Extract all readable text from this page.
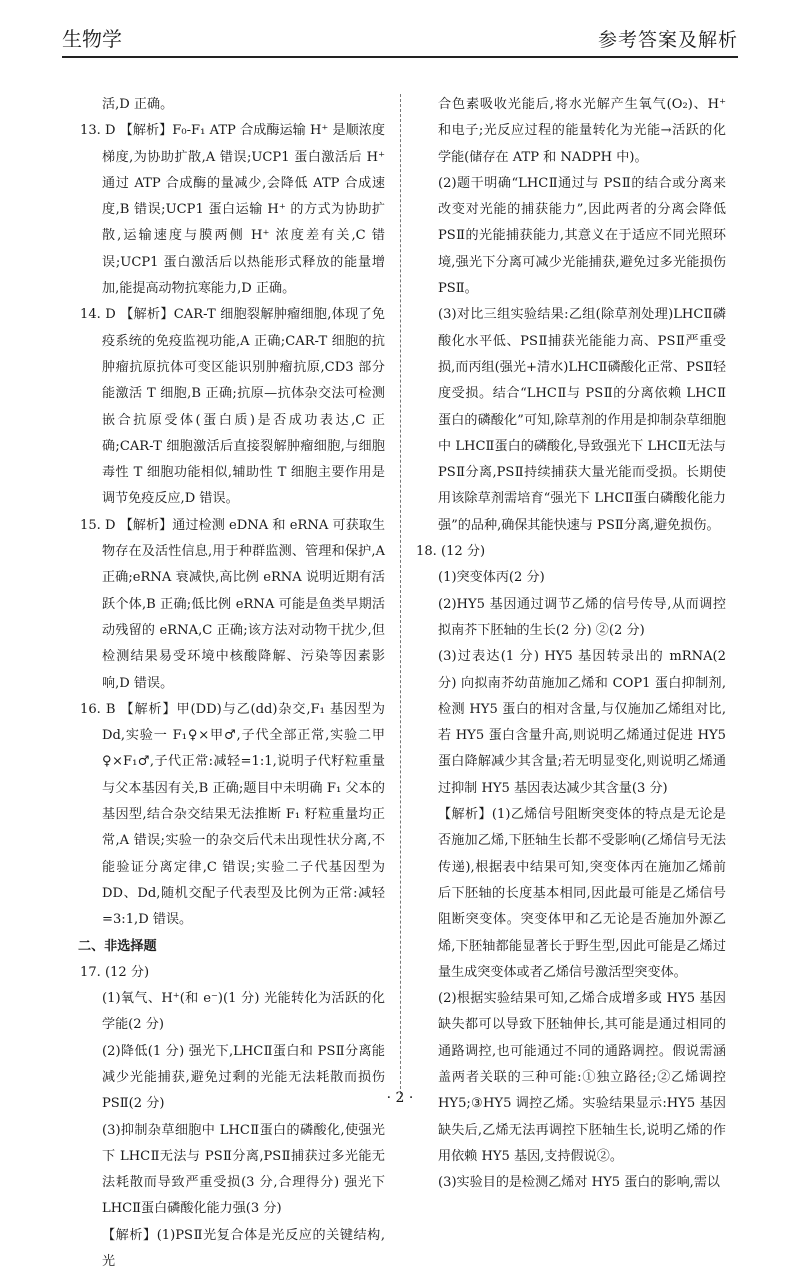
生物学	参考答案及解析

活,D 正确。

13. D 【解析】F₀-F₁ ATP 合成酶运输 H⁺ 是顺浓度梯度,为协助扩散,A 错误;UCP1 蛋白激活后 H⁺ 通过 ATP 合成酶的量减少,会降低 ATP 合成速度,B 错误;UCP1 蛋白运输 H⁺ 的方式为协助扩散,运输速度与膜两侧 H⁺ 浓度差有关,C 错误;UCP1 蛋白激活后以热能形式释放的能量增加,能提高动物抗寒能力,D 正确。

14. D 【解析】CAR-T 细胞裂解肿瘤细胞,体现了免疫系统的免疫监视功能,A 正确;CAR-T 细胞的抗肿瘤抗原抗体可变区能识别肿瘤抗原,CD3 部分能激活 T 细胞,B 正确;抗原—抗体杂交法可检测嵌合抗原受体(蛋白质)是否成功表达,C 正确;CAR-T 细胞激活后直接裂解肿瘤细胞,与细胞毒性 T 细胞功能相似,辅助性 T 细胞主要作用是调节免疫反应,D 错误。

15. D 【解析】通过检测 eDNA 和 eRNA 可获取生物存在及活性信息,用于种群监测、管理和保护,A 正确;eRNA 衰减快,高比例 eRNA 说明近期有活跃个体,B 正确;低比例 eRNA 可能是鱼类早期活动残留的 eRNA,C 正确;该方法对动物干扰少,但检测结果易受环境中核酸降解、污染等因素影响,D 错误。

16. B 【解析】甲(DD)与乙(dd)杂交,F₁ 基因型为 Dd,实验一 F₁♀×甲♂,子代全部正常,实验二甲♀×F₁♂,子代正常:减轻=1:1,说明子代籽粒重量与父本基因有关,B 正确;题目中未明确 F₁ 父本的基因型,结合杂交结果无法推断 F₁ 籽粒重量均正常,A 错误;实验一的杂交后代未出现性状分离,不能验证分离定律,C 错误;实验二子代基因型为 DD、Dd,随机交配子代表型及比例为正常:减轻=3:1,D 错误。

二、非选择题

17. (12 分)

(1)氧气、H⁺(和 e⁻)(1 分) 光能转化为活跃的化学能(2 分)

(2)降低(1 分) 强光下,LHCⅡ蛋白和 PSⅡ分离能减少光能捕获,避免过剩的光能无法耗散而损伤 PSⅡ(2 分)

(3)抑制杂草细胞中 LHCⅡ蛋白的磷酸化,使强光下 LHCⅡ无法与 PSⅡ分离,PSⅡ捕获过多光能无法耗散而导致严重受损(3 分,合理得分) 强光下 LHCⅡ蛋白磷酸化能力强(3 分)

【解析】(1)PSⅡ光复合体是光反应的关键结构,光

合色素吸收光能后,将水光解产生氧气(O₂)、H⁺ 和电子;光反应过程的能量转化为光能→活跃的化学能(储存在 ATP 和 NADPH 中)。

(2)题干明确“LHCⅡ通过与 PSⅡ的结合或分离来改变对光能的捕获能力”,因此两者的分离会降低 PSⅡ的光能捕获能力,其意义在于适应不同光照环境,强光下分离可减少光能捕获,避免过多光能损伤 PSⅡ。

(3)对比三组实验结果:乙组(除草剂处理)LHCⅡ磷酸化水平低、PSⅡ捕获光能能力高、PSⅡ严重受损,而丙组(强光+清水)LHCⅡ磷酸化正常、PSⅡ轻度受损。结合“LHCⅡ与 PSⅡ的分离依赖 LHCⅡ蛋白的磷酸化”可知,除草剂的作用是抑制杂草细胞中 LHCⅡ蛋白的磷酸化,导致强光下 LHCⅡ无法与 PSⅡ分离,PSⅡ持续捕获大量光能而受损。长期使用该除草剂需培育“强光下 LHCⅡ蛋白磷酸化能力强”的品种,确保其能快速与 PSⅡ分离,避免损伤。

18. (12 分)

(1)突变体丙(2 分)

(2)HY5 基因通过调节乙烯的信号传导,从而调控拟南芥下胚轴的生长(2 分) ②(2 分)

(3)过表达(1 分) HY5 基因转录出的 mRNA(2 分) 向拟南芥幼苗施加乙烯和 COP1 蛋白抑制剂,检测 HY5 蛋白的相对含量,与仅施加乙烯组对比,若 HY5 蛋白含量升高,则说明乙烯通过促进 HY5 蛋白降解减少其含量;若无明显变化,则说明乙烯通过抑制 HY5 基因表达减少其含量(3 分)

【解析】(1)乙烯信号阻断突变体的特点是无论是否施加乙烯,下胚轴生长都不受影响(乙烯信号无法传递),根据表中结果可知,突变体丙在施加乙烯前后下胚轴的长度基本相同,因此最可能是乙烯信号阻断突变体。突变体甲和乙无论是否施加外源乙烯,下胚轴都能显著长于野生型,因此可能是乙烯过量生成突变体或者乙烯信号激活型突变体。

(2)根据实验结果可知,乙烯合成增多或 HY5 基因缺失都可以导致下胚轴伸长,其可能是通过相同的通路调控,也可能通过不同的通路调控。假说需涵盖两者关联的三种可能:①独立路径;②乙烯调控 HY5;③HY5 调控乙烯。实验结果显示:HY5 基因缺失后,乙烯无法再调控下胚轴生长,说明乙烯的作用依赖 HY5 基因,支持假说②。

(3)实验目的是检测乙烯对 HY5 蛋白的影响,需以

· 2 ·
